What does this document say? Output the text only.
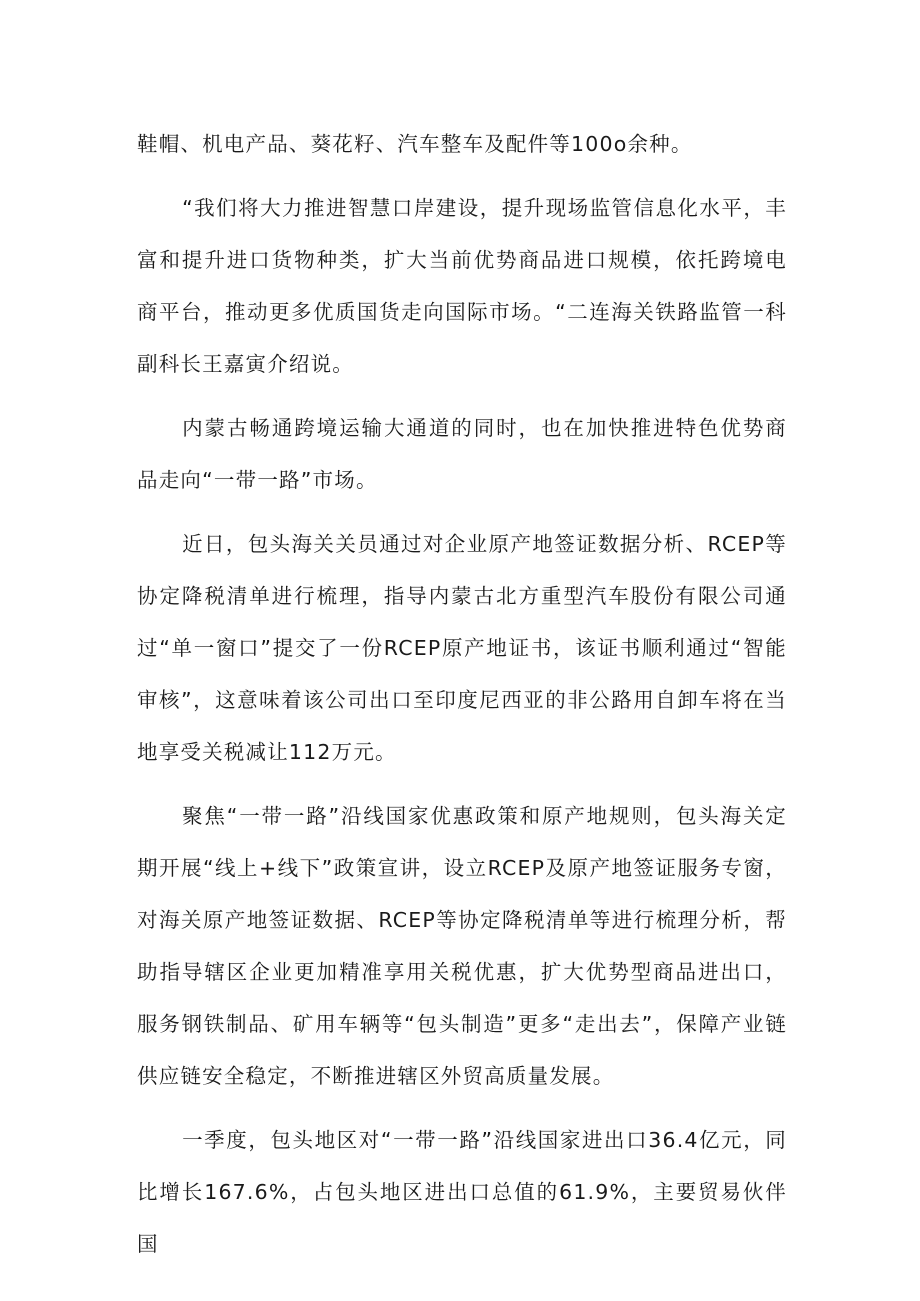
鞋帽、机电产品、葵花籽、汽车整车及配件等100o余种。

“我们将大力推进智慧口岸建设，提升现场监管信息化水平，丰富和提升进口货物种类，扩大当前优势商品进口规模，依托跨境电商平台，推动更多优质国货走向国际市场。“二连海关铁路监管一科副科长王嘉寅介绍说。

内蒙古畅通跨境运输大通道的同时，也在加快推进特色优势商品走向“一带一路”市场。

近日，包头海关关员通过对企业原产地签证数据分析、RCEP等协定降税清单进行梳理，指导内蒙古北方重型汽车股份有限公司通过“单一窗口”提交了一份RCEP原产地证书，该证书顺利通过“智能审核”，这意味着该公司出口至印度尼西亚的非公路用自卸车将在当地享受关税减让112万元。

聚焦“一带一路”沿线国家优惠政策和原产地规则，包头海关定期开展“线上+线下”政策宣讲，设立RCEP及原产地签证服务专窗，对海关原产地签证数据、RCEP等协定降税清单等进行梳理分析，帮助指导辖区企业更加精准享用关税优惠，扩大优势型商品进出口，服务钢铁制品、矿用车辆等“包头制造”更多“走出去”，保障产业链供应链安全稳定，不断推进辖区外贸高质量发展。

一季度，包头地区对“一带一路”沿线国家进出口36.4亿元，同比增长167.6%，占包头地区进出口总值的61.9%，主要贸易伙伴国
